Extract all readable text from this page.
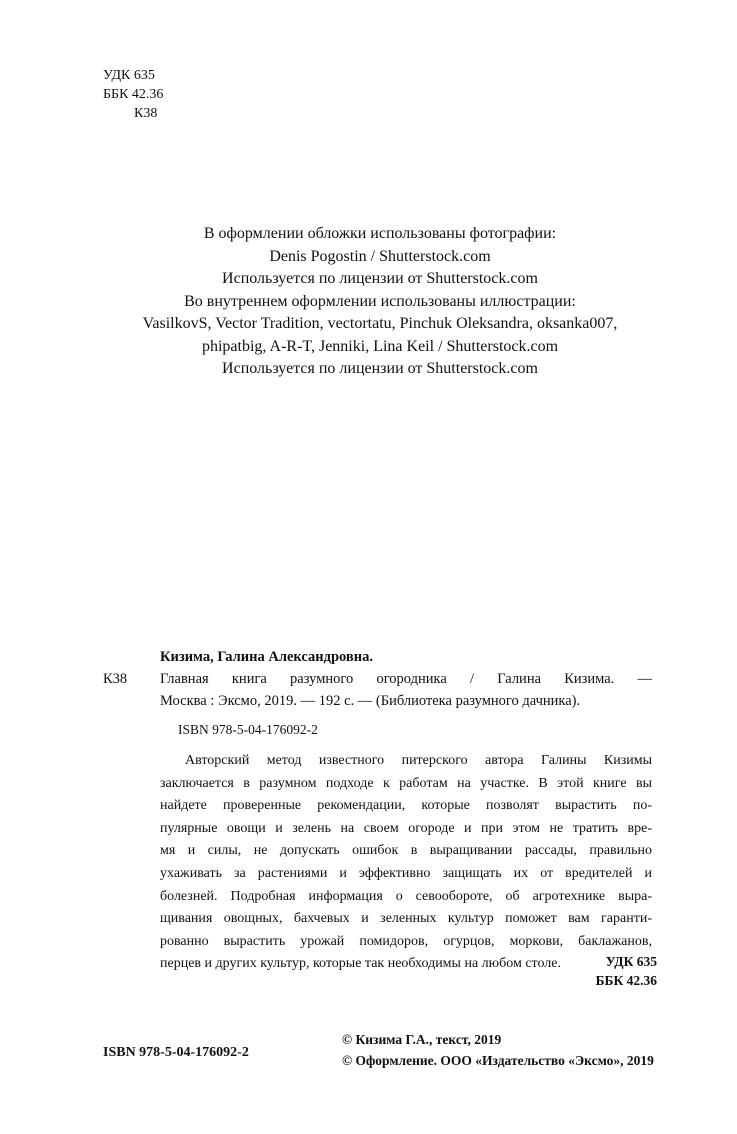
УДК 635
ББК 42.36
К38
В оформлении обложки использованы фотографии:
Denis Pogostin / Shutterstock.com
Используется по лицензии от Shutterstock.com
Во внутреннем оформлении использованы иллюстрации:
VasilkovS, Vector Tradition, vectortatu, Pinchuk Oleksandra, oksanka007,
phipatbig, A-R-T, Jenniki, Lina Keil / Shutterstock.com
Используется по лицензии от Shutterstock.com
Кизима, Галина Александровна.
К38 Главная книга разумного огородника / Галина Кизима. —
Москва : Эксмо, 2019. — 192 с. — (Библиотека разумного дачника).
ISBN 978-5-04-176092-2
Авторский метод известного питерского автора Галины Кизимы
заключается в разумном подходе к работам на участке. В этой книге вы
найдете проверенные рекомендации, которые позволят вырастить по-
пулярные овощи и зелень на своем огороде и при этом не тратить вре-
мя и силы, не допускать ошибок в выращивании рассады, правильно
ухаживать за растениями и эффективно защищать их от вредителей и
болезней. Подробная информация о севообороте, об агротехнике выра-
щивания овощных, бахчевых и зеленных культур поможет вам гаранти-
рованно вырастить урожай помидоров, огурцов, моркови, баклажанов,
перцев и других культур, которые так необходимы на любом столе.	УДК 635
ББК 42.36
ISBN 978-5-04-176092-2
© Кизима Г.А., текст, 2019
© Оформление. ООО «Издательство «Эксмо», 2019
